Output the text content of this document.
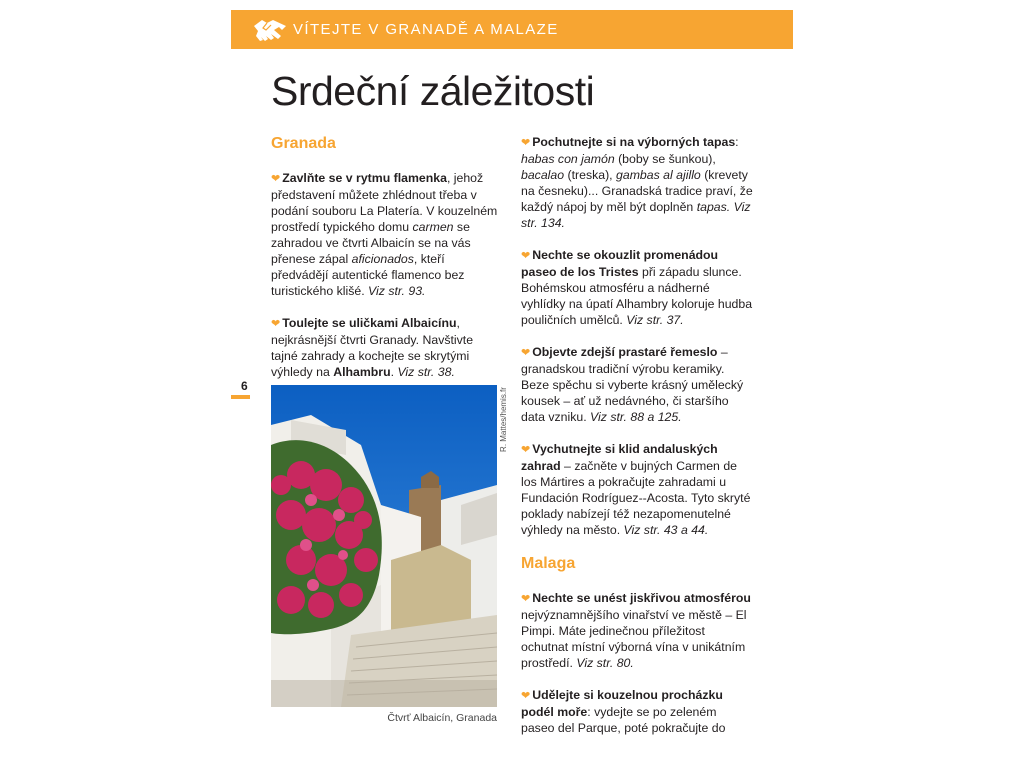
VÍTEJTE V GRANADĚ A MALAZE
Srdeční záležitosti
Granada
❤ Zavlňte se v rytmu flamenka, jehož představení můžete zhlédnout třeba v podání souboru La Platería. V kouzelném prostředí typického domu carmen se zahradou ve čtvrti Albaicín se na vás přenese zápal aficionados, kteří předvádějí autentické flamenco bez turistického klišé. Viz str. 93.
❤ Toulejte se uličkami Albaicínu, nejkrásnější čtvrti Granady. Navštivte tajné zahrady a kochejte se skrytými výhledy na Alhambru. Viz str. 38.
6
R. Mattes/hemis.fr
Čtvrť Albaicín, Granada
❤ Pochutnejte si na výborných tapas: habas con jamón (boby se šunkou), bacalao (treska), gambas al ajillo (krevety na česneku)... Granadská tradice praví, že každý nápoj by měl být doplněn tapas. Viz str. 134.
❤ Nechte se okouzlit promenádou paseo de los Tristes při západu slunce. Bohémskou atmosféru a nádherné vyhlídky na úpatí Alhambry koloruje hudba pouličních umělců. Viz str. 37.
❤ Objevte zdejší prastaré řemeslo – granadskou tradiční výrobu keramiky. Beze spěchu si vyberte krásný umělecký kousek – ať už nedávného, či staršího data vzniku. Viz str. 88 a 125.
❤ Vychutnejte si klid andaluských zahrad – začněte v bujných Carmen de los Mártires a pokračujte zahradami u Fundación Rodríguez--Acosta. Tyto skryté poklady nabízejí též nezapomenutelné výhledy na město. Viz str. 43 a 44.
Malaga
❤ Nechte se unést jiskřivou atmosférou nejvýznamnějšího vinařství ve městě – El Pimpi. Máte jedinečnou příležitost ochutnat místní výborná vína v unikátním prostředí. Viz str. 80.
❤ Udělejte si kouzelnou procházku podél moře: vydejte se po zeleném paseo del Parque, poté pokračujte do
